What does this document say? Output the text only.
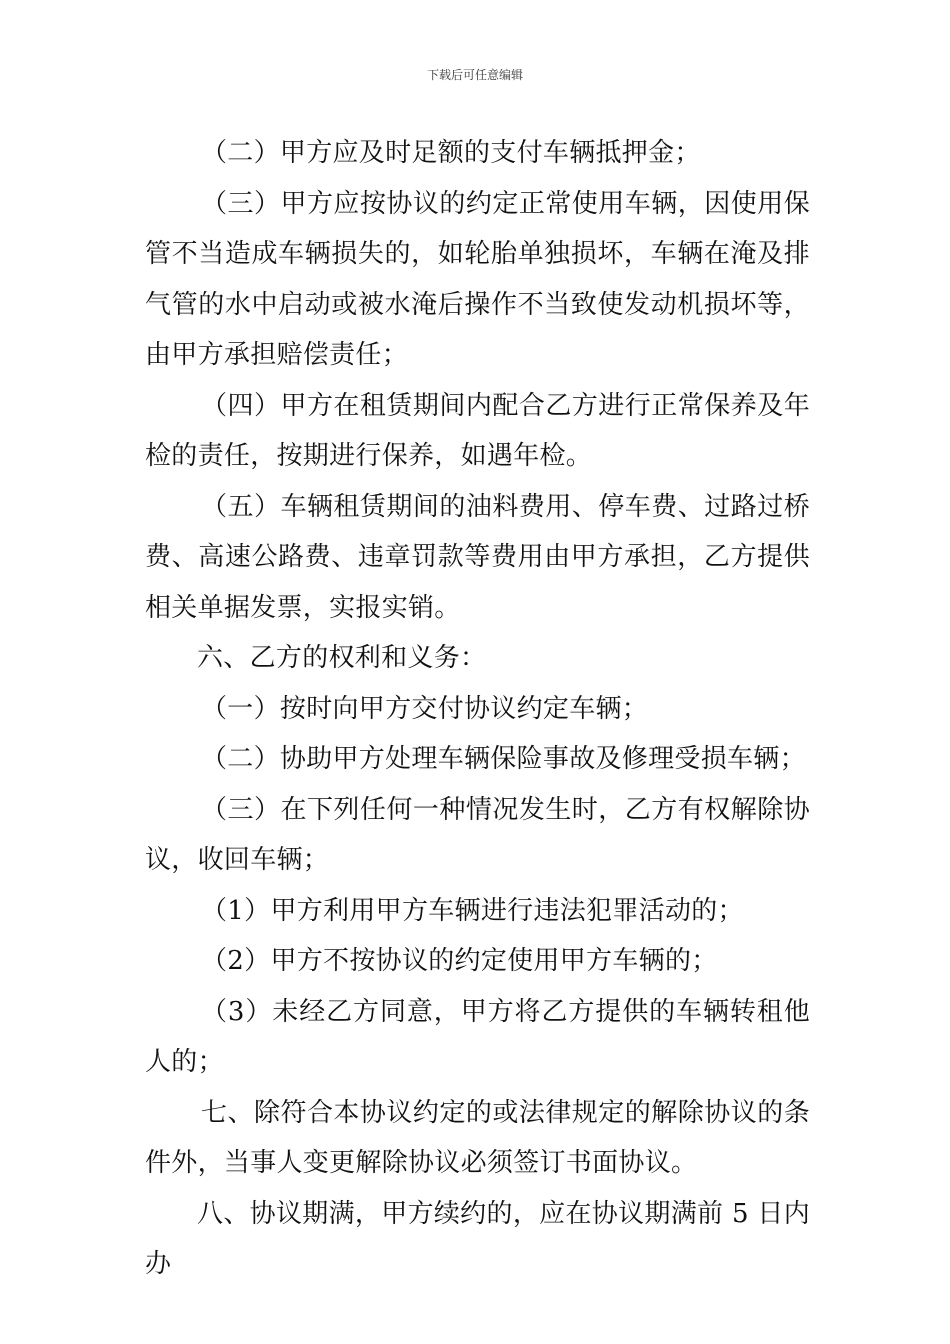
下载后可任意编辑

（二）甲方应及时足额的支付车辆抵押金；

（三）甲方应按协议的约定正常使用车辆，因使用保管不当造成车辆损失的，如轮胎单独损坏，车辆在淹及排气管的水中启动或被水淹后操作不当致使发动机损坏等，由甲方承担赔偿责任；

（四）甲方在租赁期间内配合乙方进行正常保养及年检的责任，按期进行保养，如遇年检。

（五）车辆租赁期间的油料费用、停车费、过路过桥费、高速公路费、违章罚款等费用由甲方承担，乙方提供相关单据发票，实报实销。

六、乙方的权利和义务：

（一）按时向甲方交付协议约定车辆；

（二）协助甲方处理车辆保险事故及修理受损车辆；

（三）在下列任何一种情况发生时，乙方有权解除协议，收回车辆；

（1）甲方利用甲方车辆进行违法犯罪活动的；

（2）甲方不按协议的约定使用甲方车辆的；

（3）未经乙方同意，甲方将乙方提供的车辆转租他人的；

七、除符合本协议约定的或法律规定的解除协议的条件外，当事人变更解除协议必须签订书面协议。

八、协议期满，甲方续约的，应在协议期满前 5 日内办
